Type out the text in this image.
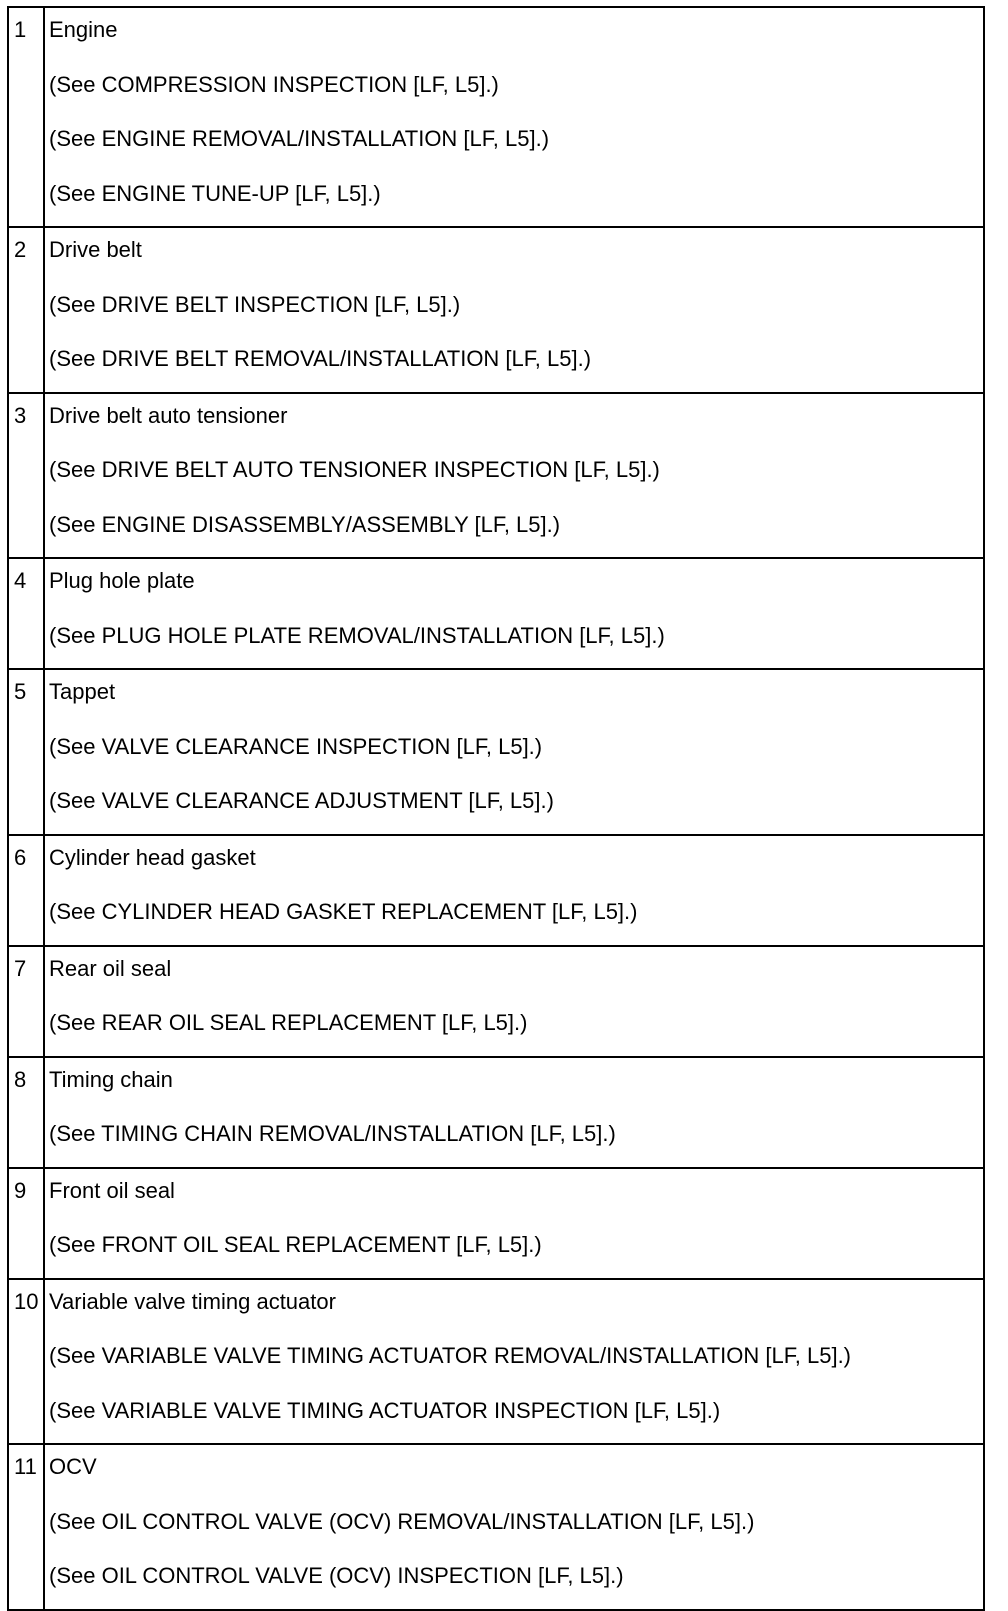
1	Engine
(See COMPRESSION INSPECTION [LF, L5].)
(See ENGINE REMOVAL/INSTALLATION [LF, L5].)
(See ENGINE TUNE-UP [LF, L5].)

2	Drive belt
(See DRIVE BELT INSPECTION [LF, L5].)
(See DRIVE BELT REMOVAL/INSTALLATION [LF, L5].)

3	Drive belt auto tensioner
(See DRIVE BELT AUTO TENSIONER INSPECTION [LF, L5].)
(See ENGINE DISASSEMBLY/ASSEMBLY [LF, L5].)

4	Plug hole plate
(See PLUG HOLE PLATE REMOVAL/INSTALLATION [LF, L5].)

5	Tappet
(See VALVE CLEARANCE INSPECTION [LF, L5].)
(See VALVE CLEARANCE ADJUSTMENT [LF, L5].)

6	Cylinder head gasket
(See CYLINDER HEAD GASKET REPLACEMENT [LF, L5].)

7	Rear oil seal
(See REAR OIL SEAL REPLACEMENT [LF, L5].)

8	Timing chain
(See TIMING CHAIN REMOVAL/INSTALLATION [LF, L5].)

9	Front oil seal
(See FRONT OIL SEAL REPLACEMENT [LF, L5].)

10	Variable valve timing actuator
(See VARIABLE VALVE TIMING ACTUATOR REMOVAL/INSTALLATION [LF, L5].)
(See VARIABLE VALVE TIMING ACTUATOR INSPECTION [LF, L5].)

11	OCV
(See OIL CONTROL VALVE (OCV) REMOVAL/INSTALLATION [LF, L5].)
(See OIL CONTROL VALVE (OCV) INSPECTION [LF, L5].)
